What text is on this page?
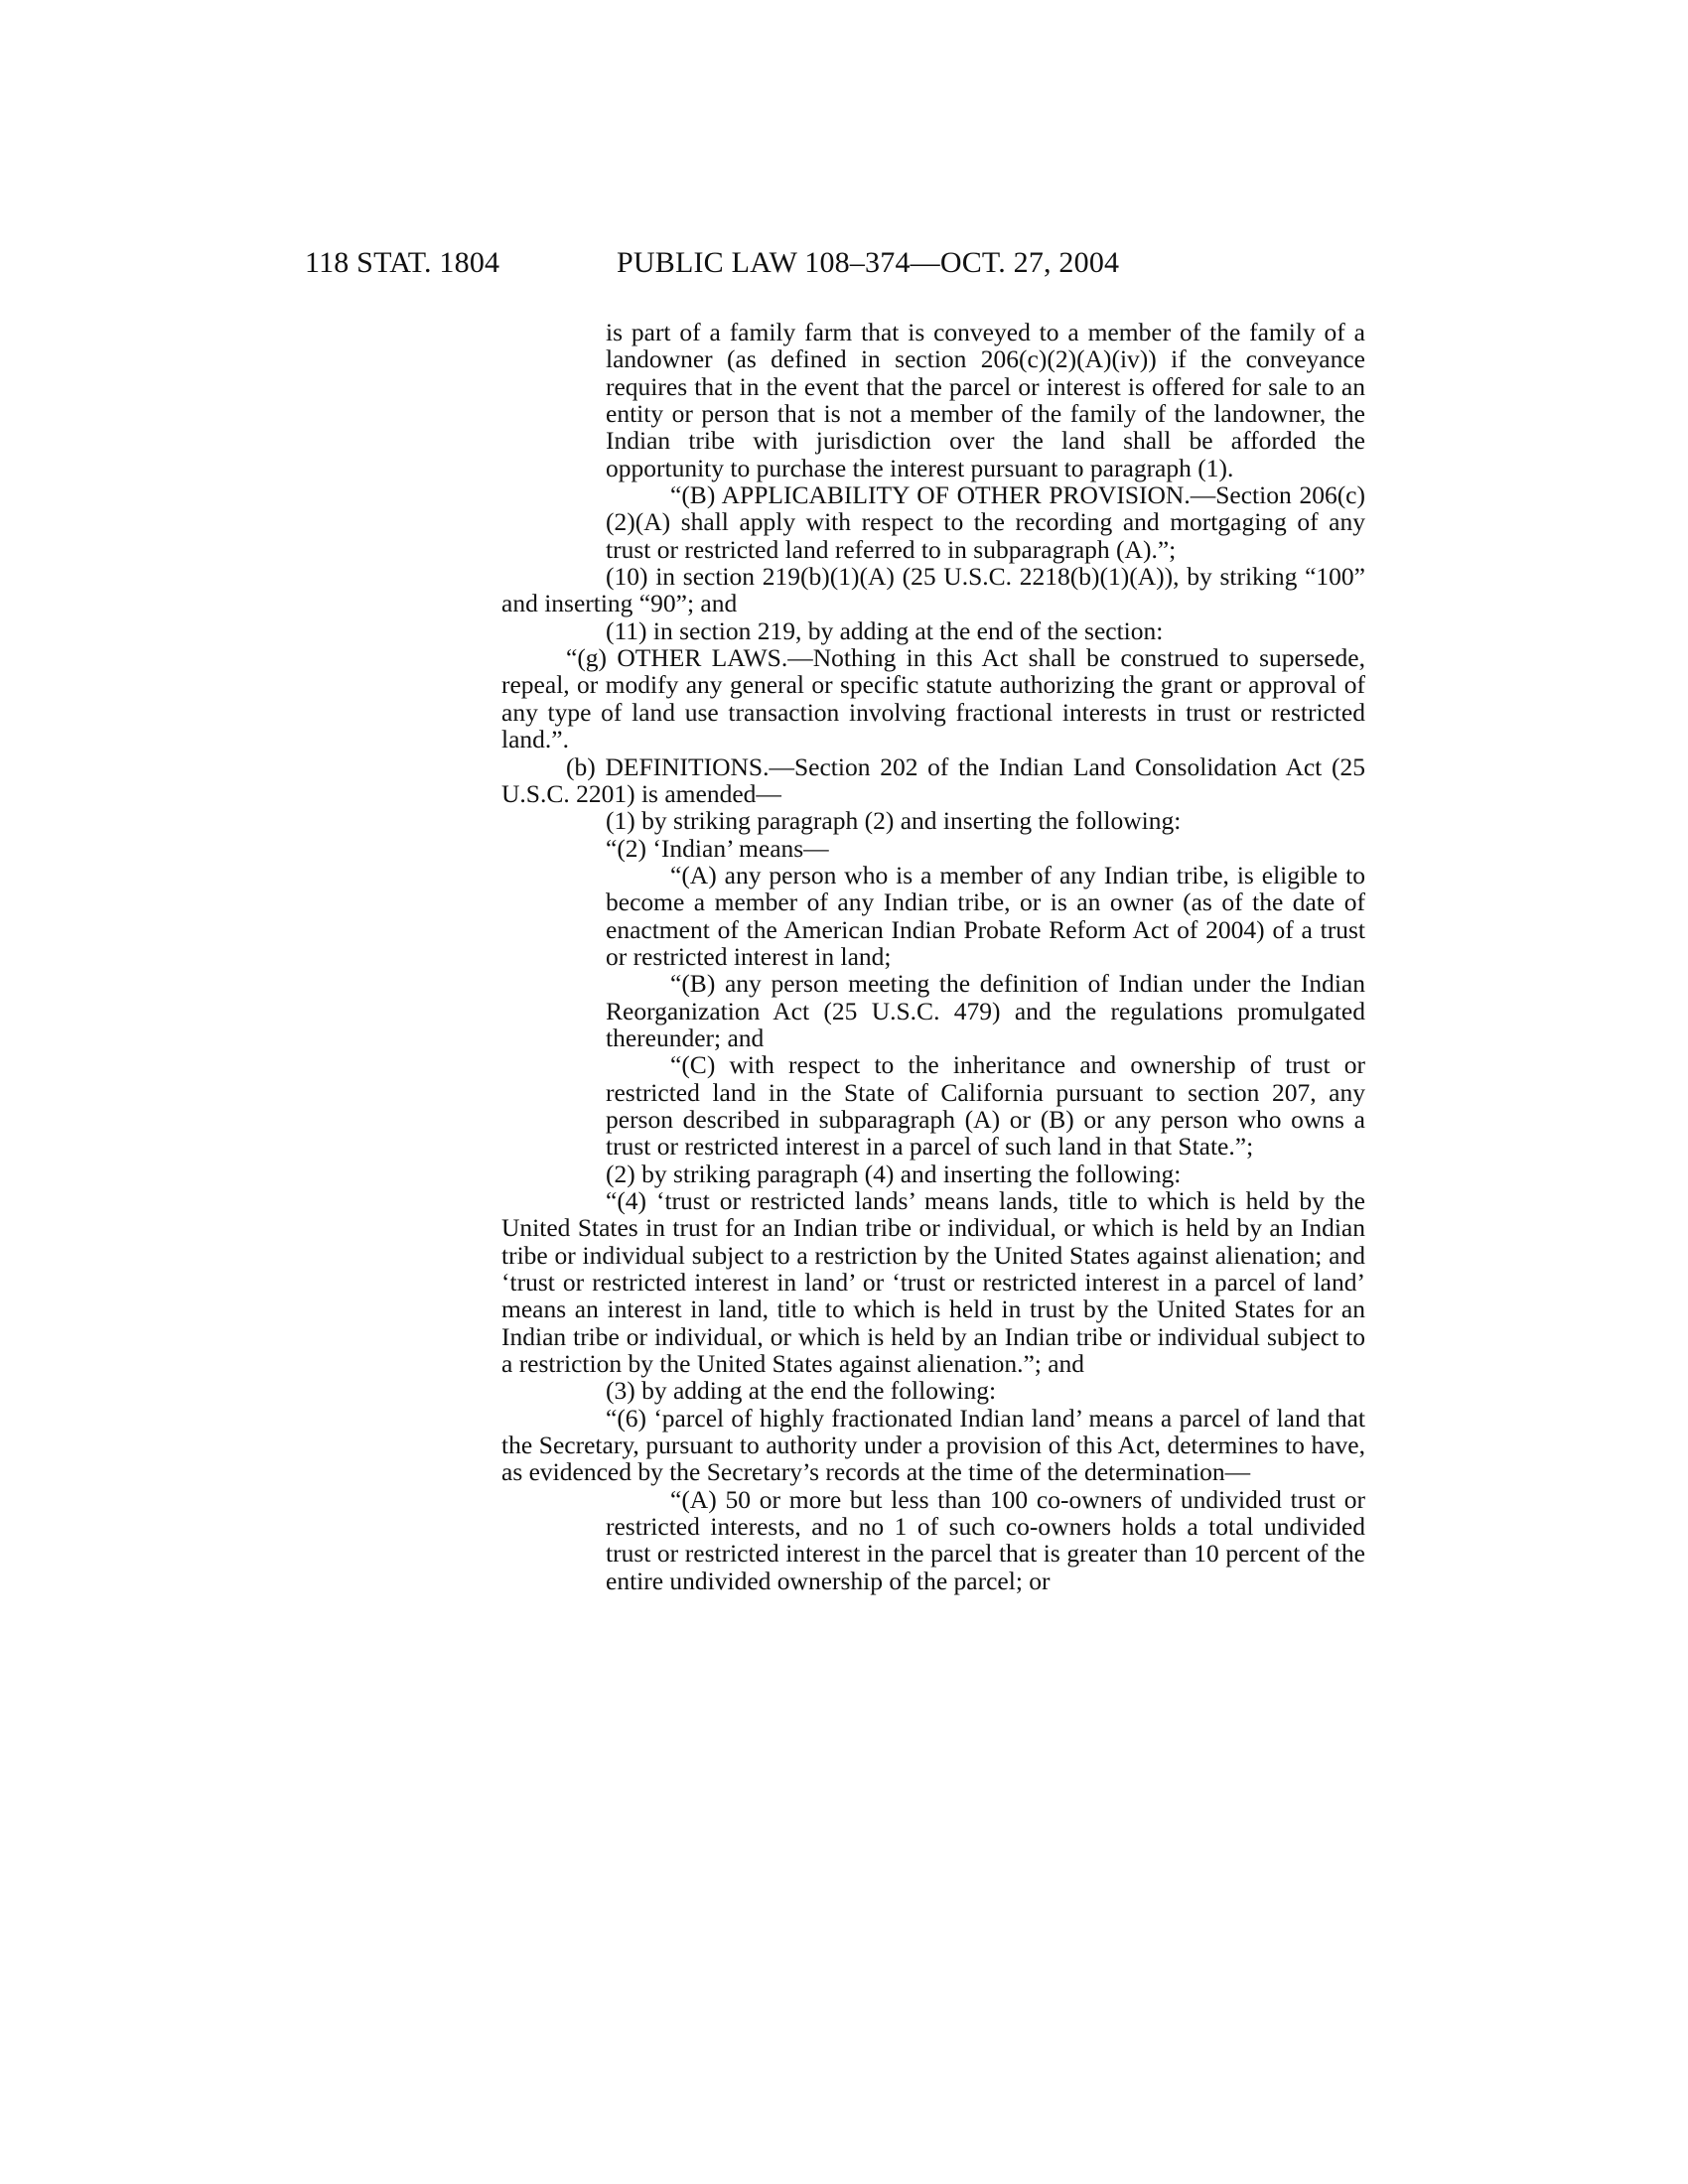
118 STAT. 1804	PUBLIC LAW 108–374—OCT. 27, 2004

is part of a family farm that is conveyed to a member of the family of a landowner (as defined in section 206(c)(2)(A)(iv)) if the conveyance requires that in the event that the parcel or interest is offered for sale to an entity or person that is not a member of the family of the landowner, the Indian tribe with jurisdiction over the land shall be afforded the opportunity to purchase the interest pursuant to paragraph (1).

“(B) APPLICABILITY OF OTHER PROVISION.—Section 206(c)(2)(A) shall apply with respect to the recording and mortgaging of any trust or restricted land referred to in subparagraph (A).”;

(10) in section 219(b)(1)(A) (25 U.S.C. 2218(b)(1)(A)), by striking “100” and inserting “90”; and

(11) in section 219, by adding at the end of the section:

“(g) OTHER LAWS.—Nothing in this Act shall be construed to supersede, repeal, or modify any general or specific statute authorizing the grant or approval of any type of land use transaction involving fractional interests in trust or restricted land.”.

(b) DEFINITIONS.—Section 202 of the Indian Land Consolidation Act (25 U.S.C. 2201) is amended—

(1) by striking paragraph (2) and inserting the following:

“(2) ‘Indian’ means—

“(A) any person who is a member of any Indian tribe, is eligible to become a member of any Indian tribe, or is an owner (as of the date of enactment of the American Indian Probate Reform Act of 2004) of a trust or restricted interest in land;

“(B) any person meeting the definition of Indian under the Indian Reorganization Act (25 U.S.C. 479) and the regulations promulgated thereunder; and

“(C) with respect to the inheritance and ownership of trust or restricted land in the State of California pursuant to section 207, any person described in subparagraph (A) or (B) or any person who owns a trust or restricted interest in a parcel of such land in that State.”;

(2) by striking paragraph (4) and inserting the following:

“(4) ‘trust or restricted lands’ means lands, title to which is held by the United States in trust for an Indian tribe or individual, or which is held by an Indian tribe or individual subject to a restriction by the United States against alienation; and ‘trust or restricted interest in land’ or ‘trust or restricted interest in a parcel of land’ means an interest in land, title to which is held in trust by the United States for an Indian tribe or individual, or which is held by an Indian tribe or individual subject to a restriction by the United States against alienation.”; and

(3) by adding at the end the following:

“(6) ‘parcel of highly fractionated Indian land’ means a parcel of land that the Secretary, pursuant to authority under a provision of this Act, determines to have, as evidenced by the Secretary’s records at the time of the determination—

“(A) 50 or more but less than 100 co-owners of undivided trust or restricted interests, and no 1 of such co-owners holds a total undivided trust or restricted interest in the parcel that is greater than 10 percent of the entire undivided ownership of the parcel; or
